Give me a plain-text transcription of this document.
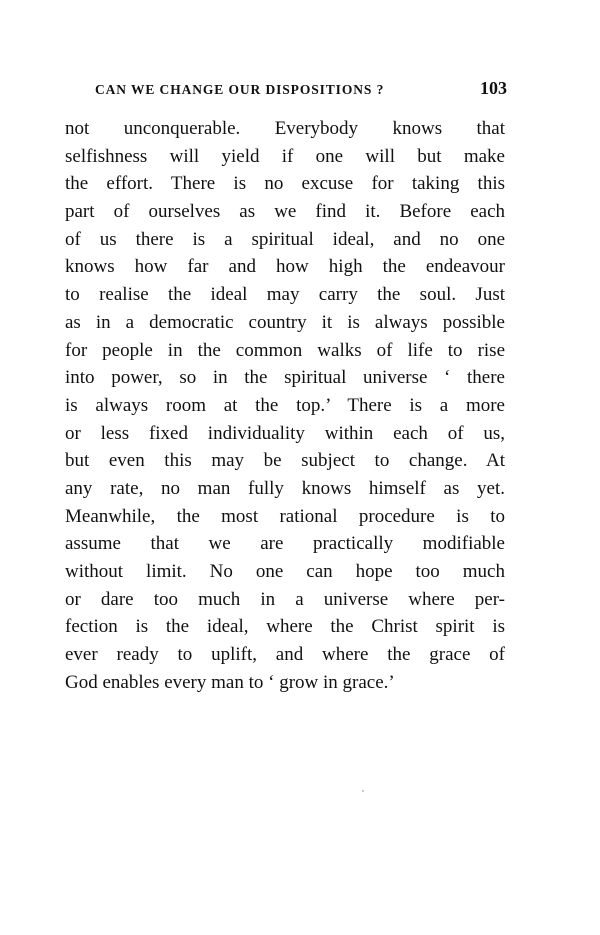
CAN WE CHANGE OUR DISPOSITIONS ?	103
not unconquerable. Everybody knows that
selfishness will yield if one will but make
the effort. There is no excuse for taking this
part of ourselves as we find it. Before each
of us there is a spiritual ideal, and no one
knows how far and how high the endeavour
to realise the ideal may carry the soul. Just
as in a democratic country it is always possible
for people in the common walks of life to rise
into power, so in the spiritual universe ‘ there
is always room at the top.’ There is a more
or less fixed individuality within each of us,
but even this may be subject to change. At
any rate, no man fully knows himself as yet.
Meanwhile, the most rational procedure is to
assume that we are practically modifiable
without limit. No one can hope too much
or dare too much in a universe where per-
fection is the ideal, where the Christ spirit is
ever ready to uplift, and where the grace of
God enables every man to ‘ grow in grace.’
